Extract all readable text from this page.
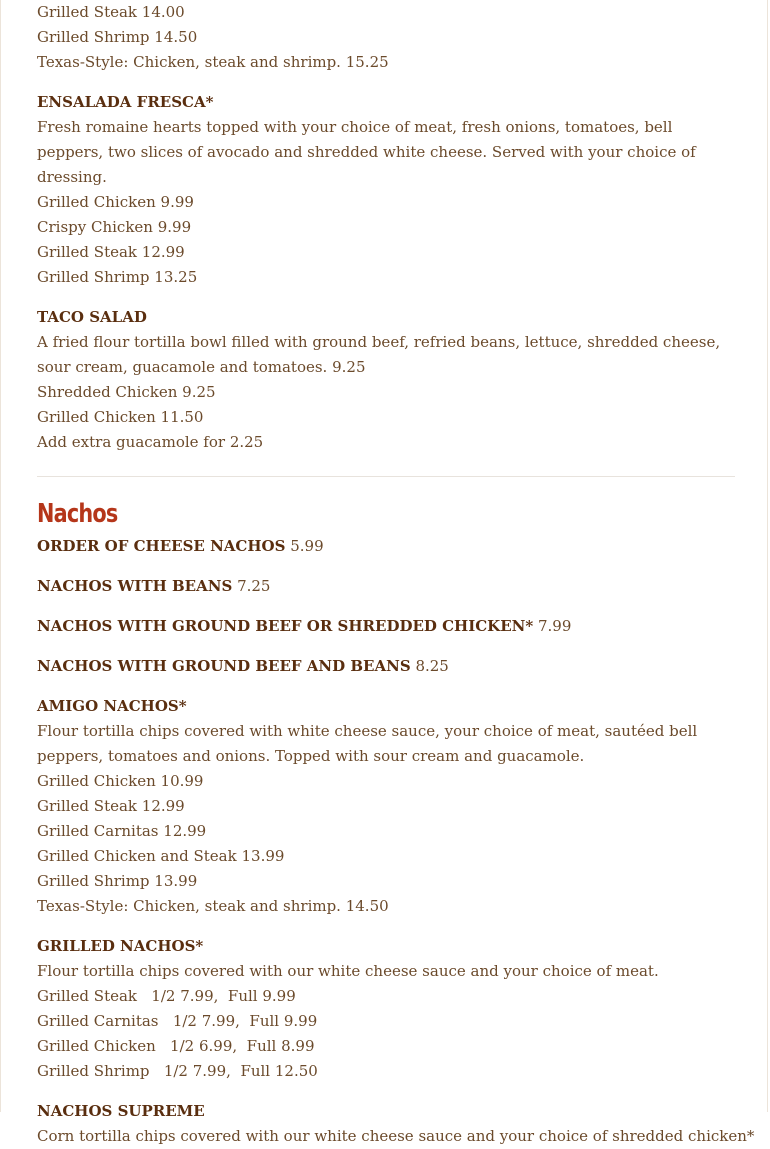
Grilled Steak 14.00
Grilled Shrimp 14.50
Texas-Style: Chicken, steak and shrimp. 15.25
ENSALADA FRESCA*
Fresh romaine hearts topped with your choice of meat, fresh onions, tomatoes, bell peppers, two slices of avocado and shredded white cheese. Served with your choice of dressing.
Grilled Chicken 9.99
Crispy Chicken 9.99
Grilled Steak 12.99
Grilled Shrimp 13.25
TACO SALAD
A fried flour tortilla bowl filled with ground beef, refried beans, lettuce, shredded cheese, sour cream, guacamole and tomatoes. 9.25
Shredded Chicken 9.25
Grilled Chicken 11.50
Add extra guacamole for 2.25
Nachos
ORDER OF CHEESE NACHOS 5.99
NACHOS WITH BEANS 7.25
NACHOS WITH GROUND BEEF OR SHREDDED CHICKEN* 7.99
NACHOS WITH GROUND BEEF AND BEANS 8.25
AMIGO NACHOS*
Flour tortilla chips covered with white cheese sauce, your choice of meat, sautéed bell peppers, tomatoes and onions. Topped with sour cream and guacamole.
Grilled Chicken 10.99
Grilled Steak 12.99
Grilled Carnitas 12.99
Grilled Chicken and Steak 13.99
Grilled Shrimp 13.99
Texas-Style: Chicken, steak and shrimp. 14.50
GRILLED NACHOS*
Flour tortilla chips covered with our white cheese sauce and your choice of meat.
Grilled Steak   1/2 7.99,  Full 9.99
Grilled Carnitas   1/2 7.99,  Full 9.99
Grilled Chicken   1/2 6.99,  Full 8.99
Grilled Shrimp   1/2 7.99,  Full 12.50
NACHOS SUPREME
Corn tortilla chips covered with our white cheese sauce and your choice of shredded chicken*
